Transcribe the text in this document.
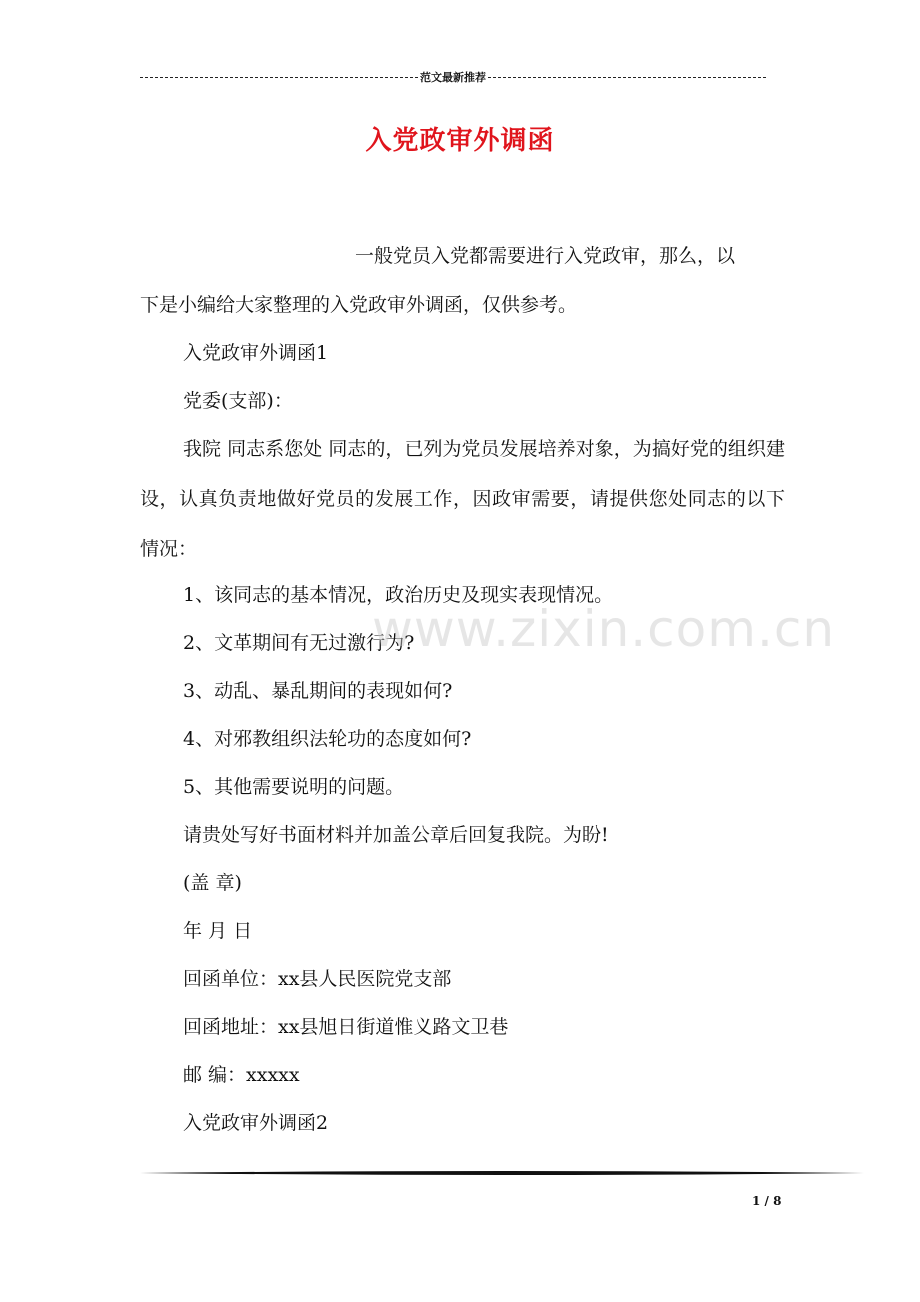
范文最新推荐
入党政审外调函
一般党员入党都需要进行入党政审，那么，以
下是小编给大家整理的入党政审外调函，仅供参考。
入党政审外调函1
党委(支部)：

我院 同志系您处 同志的，已列为党员发展培养对象，为搞好党的组织建设，认真负责地做好党员的发展工作，因政审需要，请提供您处同志的以下情况：

1、该同志的基本情况，政治历史及现实表现情况。
2、文革期间有无过激行为?
3、动乱、暴乱期间的表现如何?
4、对邪教组织法轮功的态度如何?
5、其他需要说明的问题。
请贵处写好书面材料并加盖公章后回复我院。为盼!
(盖 章)
年 月 日
回函单位：xx县人民医院党支部
回函地址：xx县旭日街道惟义路文卫巷
邮 编：xxxxx
入党政审外调函2
www.zixin.com.cn
1 / 8
